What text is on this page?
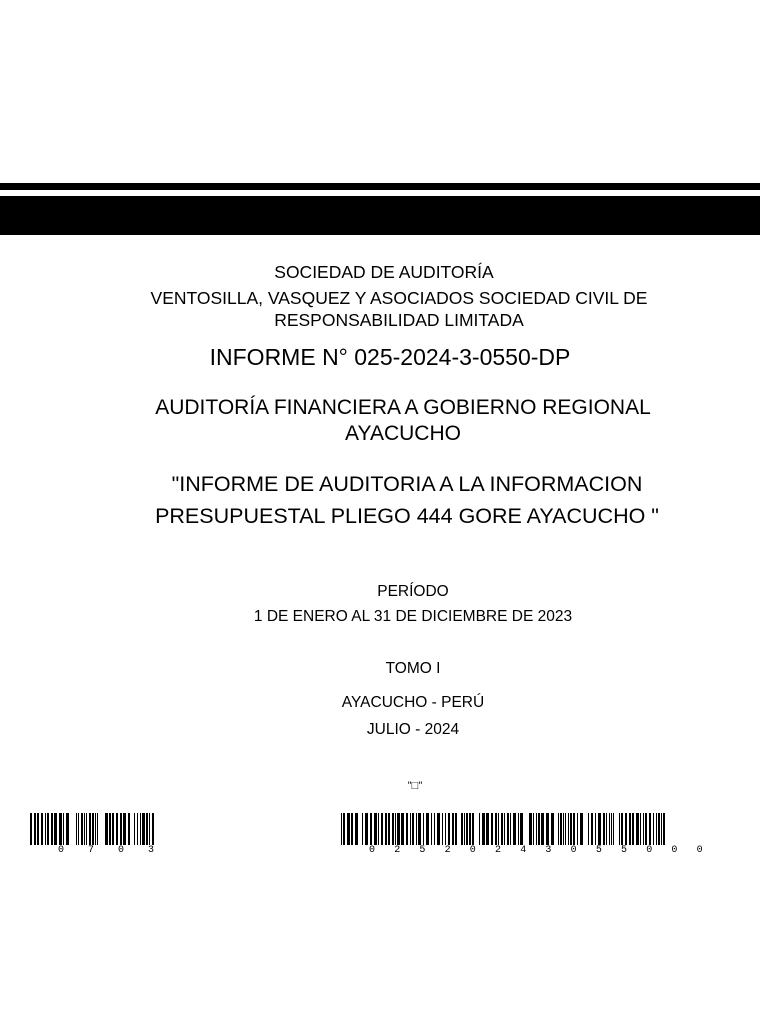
SOCIEDAD DE AUDITORÍA
VENTOSILLA, VASQUEZ Y ASOCIADOS SOCIEDAD CIVIL DE
RESPONSABILIDAD LIMITADA
INFORME N° 025-2024-3-0550-DP
AUDITORÍA FINANCIERA A GOBIERNO REGIONAL
AYACUCHO
"INFORME DE AUDITORIA A LA INFORMACION
PRESUPUESTAL PLIEGO 444 GORE AYACUCHO "
PERÍODO
1 DE ENERO AL 31 DE DICIEMBRE DE 2023
TOMO I
AYACUCHO - PERÚ
JULIO - 2024
"□"
0 7 0 3	0 2 5 2 0 2 4 3 0 5 5 0 0 0
